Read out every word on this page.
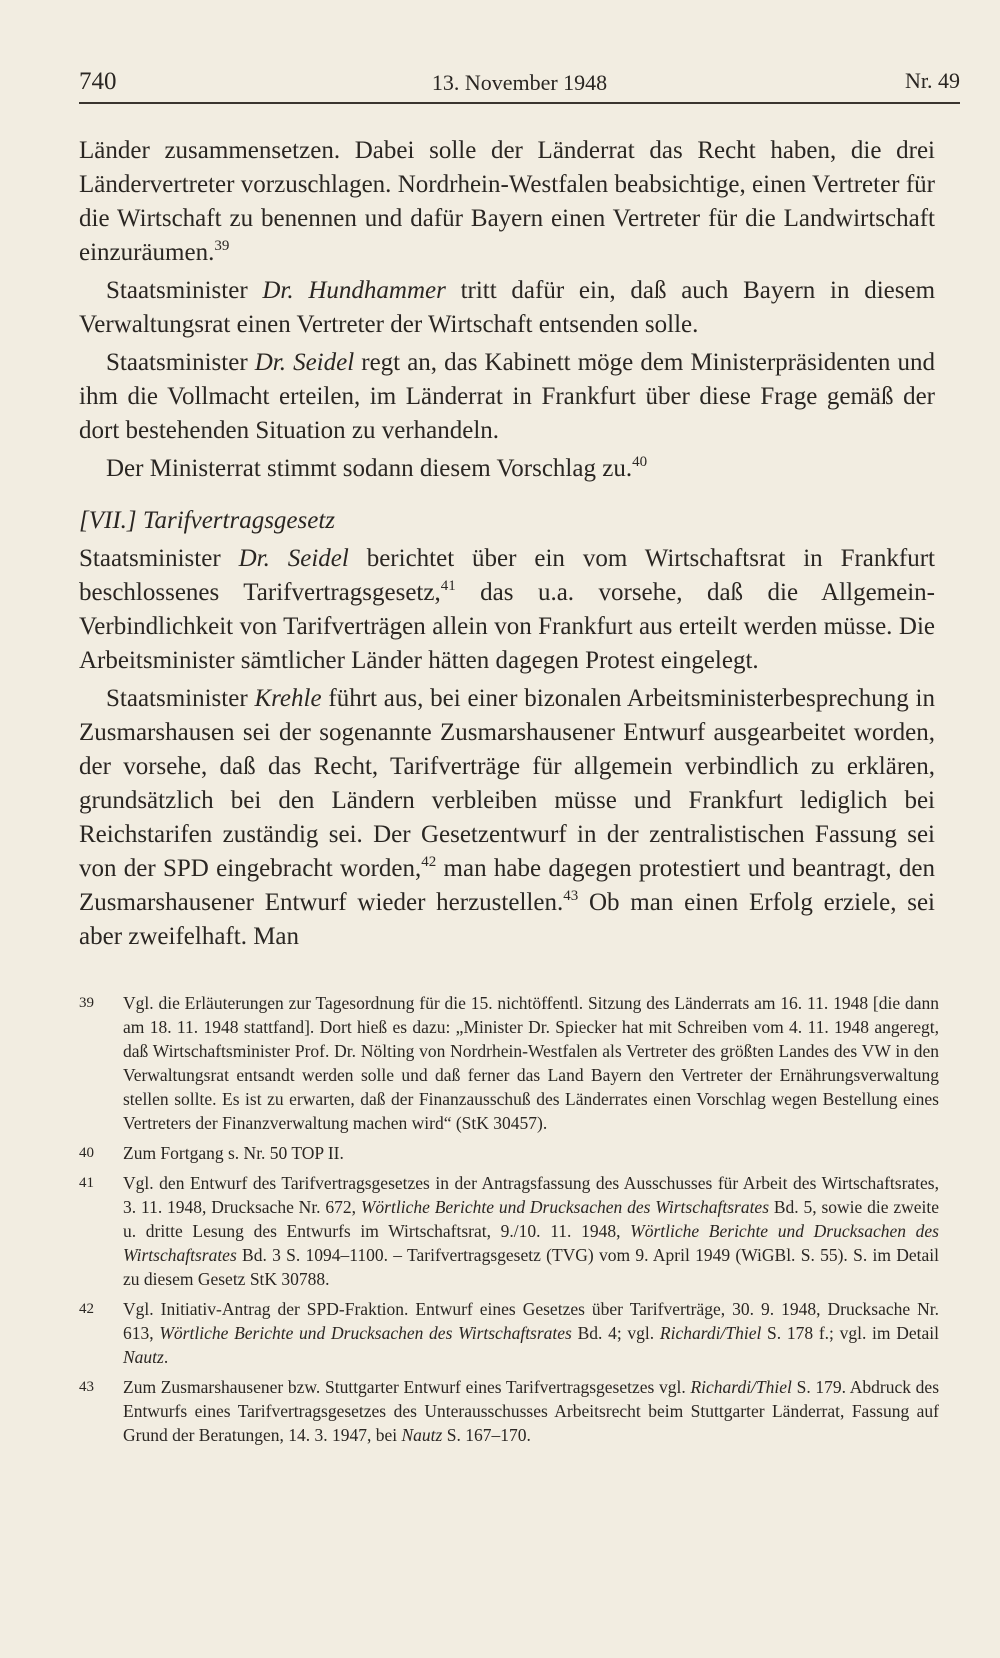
740	13. November 1948	Nr. 49

Länder zusammensetzen. Dabei solle der Länderrat das Recht haben, die drei Ländervertreter vorzuschlagen. Nordrhein-Westfalen beabsichtige, einen Vertreter für die Wirtschaft zu benennen und dafür Bayern einen Vertreter für die Landwirtschaft einzuräumen.$^{39}$

Staatsminister Dr. Hundhammer tritt dafür ein, daß auch Bayern in diesem Verwaltungsrat einen Vertreter der Wirtschaft entsenden solle.

Staatsminister Dr. Seidel regt an, das Kabinett möge dem Ministerpräsidenten und ihm die Vollmacht erteilen, im Länderrat in Frankfurt über diese Frage gemäß der dort bestehenden Situation zu verhandeln.

Der Ministerrat stimmt sodann diesem Vorschlag zu.$^{40}$

[VII.] Tarifvertragsgesetz

Staatsminister Dr. Seidel berichtet über ein vom Wirtschaftsrat in Frankfurt beschlossenes Tarifvertragsgesetz,$^{41}$ das u.a. vorsehe, daß die Allgemein-Verbindlichkeit von Tarifverträgen allein von Frankfurt aus erteilt werden müsse. Die Arbeitsminister sämtlicher Länder hätten dagegen Protest eingelegt.

Staatsminister Krehle führt aus, bei einer bizonalen Arbeitsministerbesprechung in Zusmarshausen sei der sogenannte Zusmarshausener Entwurf ausgearbeitet worden, der vorsehe, daß das Recht, Tarifverträge für allgemein verbindlich zu erklären, grundsätzlich bei den Ländern verbleiben müsse und Frankfurt lediglich bei Reichstarifen zuständig sei. Der Gesetzentwurf in der zentralistischen Fassung sei von der SPD eingebracht worden,$^{42}$ man habe dagegen protestiert und beantragt, den Zusmarshausener Entwurf wieder herzustellen.$^{43}$ Ob man einen Erfolg erziele, sei aber zweifelhaft. Man

39 Vgl. die Erläuterungen zur Tagesordnung für die 15. nichtöffentl. Sitzung des Länderrats am 16. 11. 1948 [die dann am 18. 11. 1948 stattfand]. Dort hieß es dazu: „Minister Dr. Spiecker hat mit Schreiben vom 4. 11. 1948 angeregt, daß Wirtschaftsminister Prof. Dr. Nölting von Nordrhein-Westfalen als Vertreter des größten Landes des VW in den Verwaltungsrat entsandt werden solle und daß ferner das Land Bayern den Vertreter der Ernährungsverwaltung stellen sollte. Es ist zu erwarten, daß der Finanzausschuß des Länderrates einen Vorschlag wegen Bestellung eines Vertreters der Finanzverwaltung machen wird“ (StK 30457).
40 Zum Fortgang s. Nr. 50 TOP II.
41 Vgl. den Entwurf des Tarifvertragsgesetzes in der Antragsfassung des Ausschusses für Arbeit des Wirtschaftsrates, 3. 11. 1948, Drucksache Nr. 672, Wörtliche Berichte und Drucksachen des Wirtschaftsrates Bd. 5, sowie die zweite u. dritte Lesung des Entwurfs im Wirtschaftsrat, 9./10. 11. 1948, Wörtliche Berichte und Drucksachen des Wirtschaftsrates Bd. 3 S. 1094–1100. – Tarifvertragsgesetz (TVG) vom 9. April 1949 (WiGBl. S. 55). S. im Detail zu diesem Gesetz StK 30788.
42 Vgl. Initiativ-Antrag der SPD-Fraktion. Entwurf eines Gesetzes über Tarifverträge, 30. 9. 1948, Drucksache Nr. 613, Wörtliche Berichte und Drucksachen des Wirtschaftsrates Bd. 4; vgl. Richardi/Thiel S. 178 f.; vgl. im Detail Nautz.
43 Zum Zusmarshausener bzw. Stuttgarter Entwurf eines Tarifvertragsgesetzes vgl. Richardi/Thiel S. 179. Abdruck des Entwurfs eines Tarifvertragsgesetzes des Unterausschusses Arbeitsrecht beim Stuttgarter Länderrat, Fassung auf Grund der Beratungen, 14. 3. 1947, bei Nautz S. 167–170.
